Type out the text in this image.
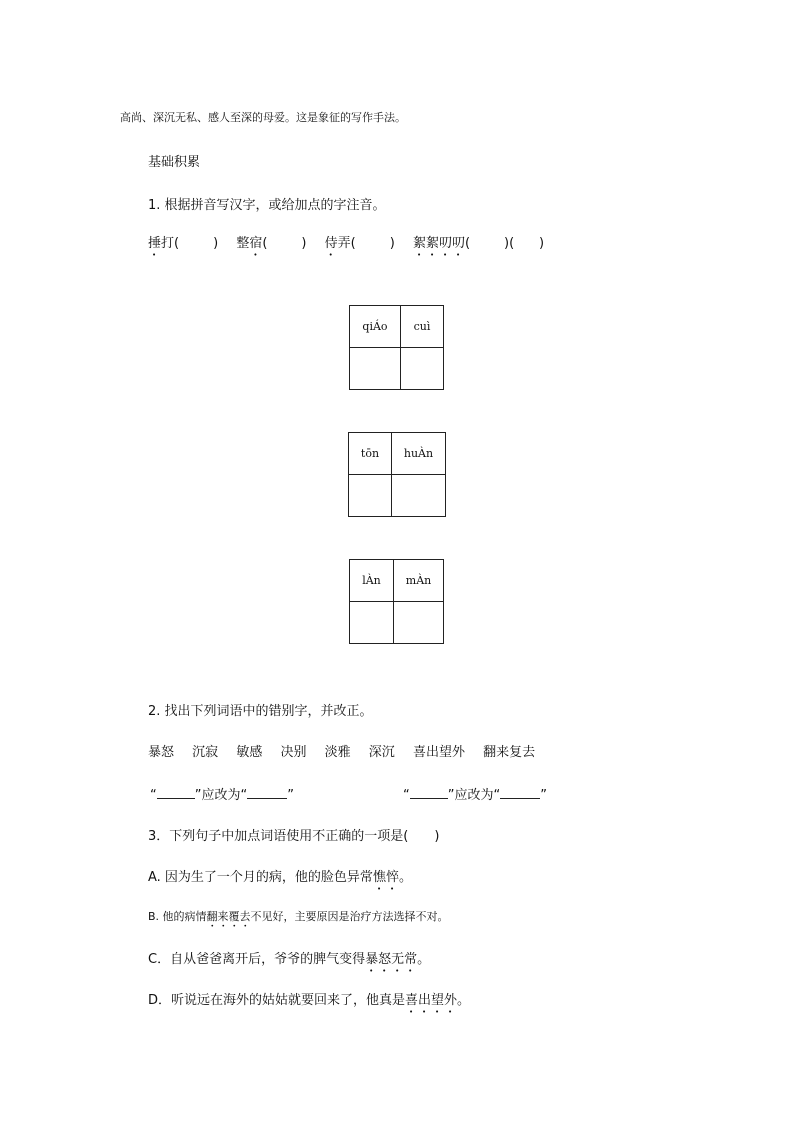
高尚、深沉无私、感人至深的母爱。这是象征的写作手法。
基础积累
1. 根据拼音写汉字，或给加点的字注音。
捶打(	) 整宿(	) 侍弄(	) 絮絮叨叨(	)(      )
qiÁo	cuì

tōn	huÀn

lÀn	mÀn

2. 找出下列词语中的错别字，并改正。
暴怒 沉寂 敏感 决别 淡雅 深沉 喜出望外 翻来复去
“	”应改为“	”	“	”应改为“	”
3．下列句子中加点词语使用不正确的一项是(　　)
A. 因为生了一个月的病，他的脸色异常憔悴。
B. 他的病情翻来覆去不见好，主要原因是治疗方法选择不对。
C．自从爸爸离开后，爷爷的脾气变得暴怒无常。
D．听说远在海外的姑姑就要回来了，他真是喜出望外。
